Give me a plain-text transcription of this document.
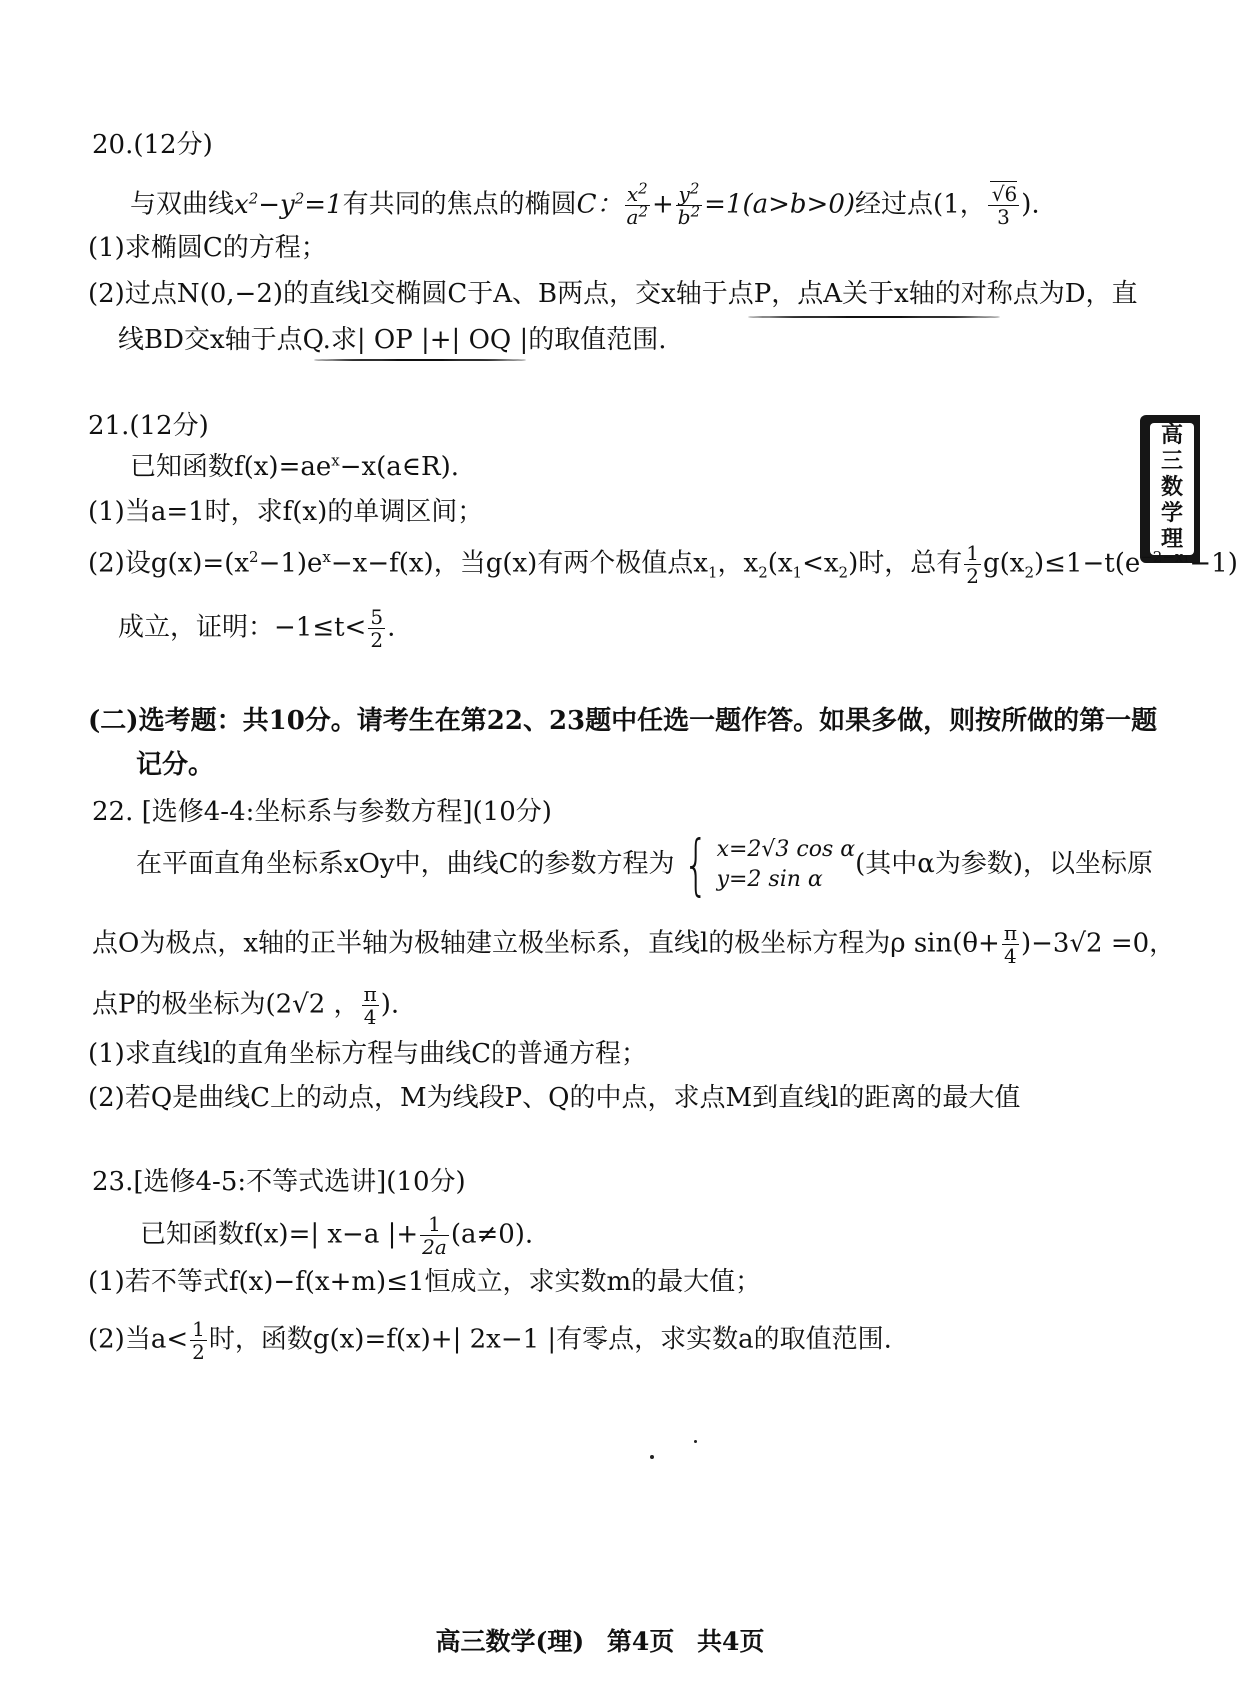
20.(12分)
与双曲线$x^2-y^2=1$有共同的焦点的椭圆C： $\frac{x^2}{a^2} + \frac{y^2}{b^2} =1(a>b>0)$经过点(1， $\frac{√6}{3}$ ).
(1)求椭圆C的方程；
(2)过点N(0,−2)的直线l交椭圆C于A、B两点，交x轴于点P，点A关于x轴的对称点为D，直
线BD交x轴于点Q.求| OP |+| OQ |的取值范围.
高
三
数
学
理
21.(12分)
已知函数$f(x)=ae^x-x(a\in R)$.
(1)当a=1时，求f(x)的单调区间；
(2)设$g(x)=(x^2-1)e^x-x-f(x)$，当g(x)有两个极值点$x_1$，$x_2(x_1<x_2)$时，总有 $\frac{1}{2} g(x_2)\le 1-t(e^{-2-x_1}-1)$
成立，证明：$-1\le t< \frac{5}{2}$ .
(二)选考题：共10分。请考生在第22、23题中任选一题作答。如果多做，则按所做的第一题
记分。
22. [选修4-4:坐标系与参数方程](10分)
在平面直角坐标系xOy中，曲线C的参数方程为 { x=2√3 cos α
y=2 sin α
(其中α为参数)，以坐标原
点O为极点，x轴的正半轴为极轴建立极坐标系，直线l的极坐标方程为ρ $\sin(\theta+ \frac{\pi}{4} )-3√2 =0$，
点P的极坐标为(2√2 ， $\frac{\pi}{4}$ ).
(1)求直线l的直角坐标方程与曲线C的普通方程；
(2)若Q是曲线C上的动点，M为线段P、Q的中点，求点M到直线l的距离的最大值
23.[选修4-5:不等式选讲](10分)
已知函数f(x)=| x−a |+ $\frac{1}{2a} (a\ne 0)$.
(1)若不等式f(x)−f(x+m)≤1恒成立，求实数m的最大值；
(2)当$a< \frac{1}{2}$ 时，函数g(x)=f(x)+| 2x−1 |有零点，求实数a的取值范围.
高三数学(理) 第4页 共4页
